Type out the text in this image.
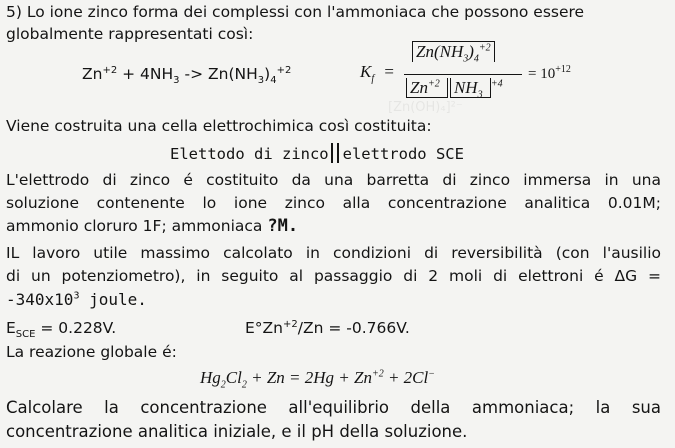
[Zn(OH)₄]²⁻
5) Lo ione zinco forma dei complessi con l'ammoniaca che possono essere
globalmente rappresentati così:
$Zn^{+2} + 4NH_3 -> Zn(NH_3)_4^{+2}$	$K_f$ =
$Zn(NH_3)_4^{+2}$
$Zn^{+2}$ $NH_3$ $^{+4}$
= $10^{+12}$
Viene costruita una cella elettrochimica così costituita:
Elettodo di zinco elettrodo SCE
L'elettrodo di zinco é costituito da una barretta di zinco immersa in una
soluzione contenente lo ione zinco alla concentrazione analitica 0.01M;
ammonio cloruro 1F; ammoniaca ?M.
IL lavoro utile massimo calcolato in condizioni di reversibilità (con l'ausilio
di un potenziometro), in seguito al passaggio di 2 moli di elettroni é ΔG =
$-340x10^3$ joule.
$E_{SCE} = 0.228V$.	$E^\circ Zn^{+2}/Zn = -0.766V$.
La reazione globale é:
$Hg_2Cl_2 + Zn = 2Hg + Zn^{+2} + 2Cl^-$
Calcolare la concentrazione all'equilibrio della ammoniaca; la sua
concentrazione analitica iniziale, e il pH della soluzione.
